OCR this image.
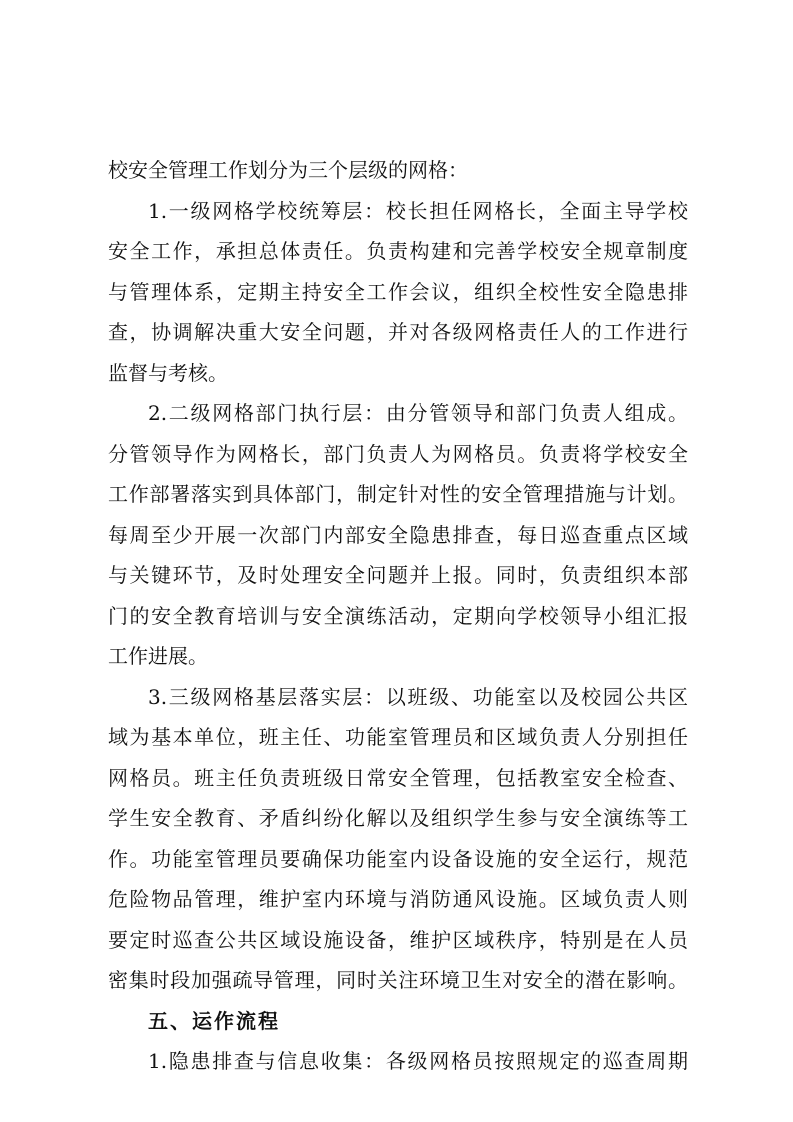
校安全管理工作划分为三个层级的网格：
1.一级网格学校统筹层：校长担任网格长，全面主导学校
安全工作，承担总体责任。负责构建和完善学校安全规章制度
与管理体系，定期主持安全工作会议，组织全校性安全隐患排
查，协调解决重大安全问题，并对各级网格责任人的工作进行
监督与考核。
2.二级网格部门执行层：由分管领导和部门负责人组成。
分管领导作为网格长，部门负责人为网格员。负责将学校安全
工作部署落实到具体部门，制定针对性的安全管理措施与计划。
每周至少开展一次部门内部安全隐患排查，每日巡查重点区域
与关键环节，及时处理安全问题并上报。同时，负责组织本部
门的安全教育培训与安全演练活动，定期向学校领导小组汇报
工作进展。
3.三级网格基层落实层：以班级、功能室以及校园公共区
域为基本单位，班主任、功能室管理员和区域负责人分别担任
网格员。班主任负责班级日常安全管理，包括教室安全检查、
学生安全教育、矛盾纠纷化解以及组织学生参与安全演练等工
作。功能室管理员要确保功能室内设备设施的安全运行，规范
危险物品管理，维护室内环境与消防通风设施。区域负责人则
要定时巡查公共区域设施设备，维护区域秩序，特别是在人员
密集时段加强疏导管理，同时关注环境卫生对安全的潜在影响。
五、运作流程
1.隐患排查与信息收集：各级网格员按照规定的巡查周期
